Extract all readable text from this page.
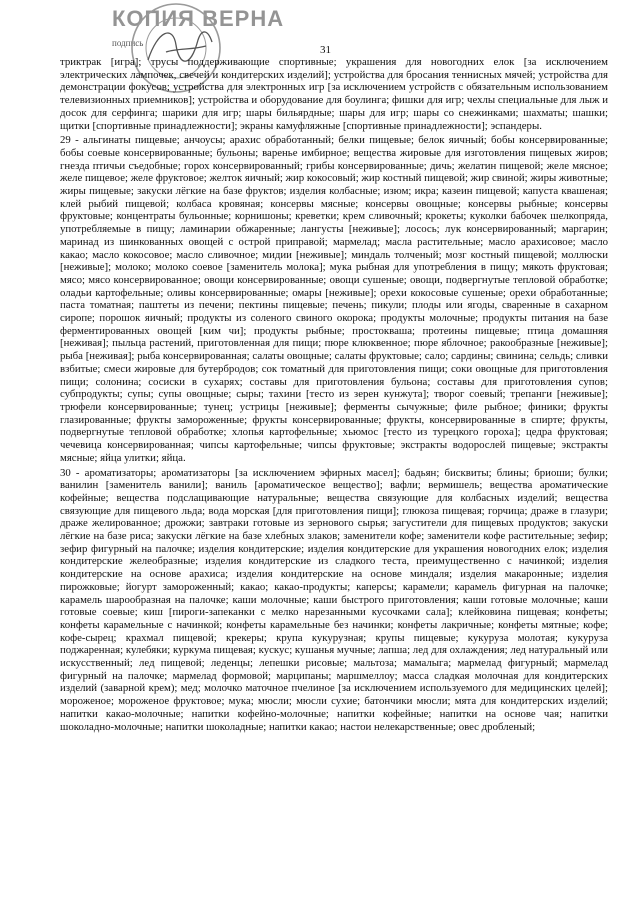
КОПИЯ ВЕРНА
подпись
31

триктрак [игра]; трусы поддерживающие спортивные; украшения для новогодних елок [за исключением электрических лампочек, свечей и кондитерских изделий]; устройства для бросания теннисных мячей; устройства для демонстрации фокусов; устройства для электронных игр [за исключением устройств с обязательным использованием телевизионных приемников]; устройства и оборудование для боулинга; фишки для игр; чехлы специальные для лыж и досок для серфинга; шарики для игр; шары бильярдные; шары для игр; шары со снежинками; шахматы; шашки; щитки [спортивные принадлежности]; экраны камуфляжные [спортивные принадлежности]; эспандеры.

29 - альгинаты пищевые; анчоусы; арахис обработанный; белки пищевые; белок яичный; бобы консервированные; бобы соевые консервированные; бульоны; варенье имбирное; вещества жировые для изготовления пищевых жиров; гнезда птичьи съедобные; горох консервированный; грибы консервированные; дичь; желатин пищевой; желе мясное; желе пищевое; желе фруктовое; желток яичный; жир кокосовый; жир костный пищевой; жир свиной; жиры животные; жиры пищевые; закуски лёгкие на базе фруктов; изделия колбасные; изюм; икра; казеин пищевой; капуста квашеная; клей рыбий пищевой; колбаса кровяная; консервы мясные; консервы овощные; консервы рыбные; консервы фруктовые; концентраты бульонные; корнишоны; креветки; крем сливочный; крокеты; куколки бабочек шелкопряда, употребляемые в пищу; ламинарии обжаренные; лангусты [неживые]; лосось; лук консервированный; маргарин; маринад из шинкованных овощей с острой приправой; мармелад; масла растительные; масло арахисовое; масло какао; масло кокосовое; масло сливочное; мидии [неживые]; миндаль толченый; мозг костный пищевой; моллюски [неживые]; молоко; молоко соевое [заменитель молока]; мука рыбная для употребления в пищу; мякоть фруктовая; мясо; мясо консервированное; овощи консервированные; овощи сушеные; овощи, подвергнутые тепловой обработке; оладьи картофельные; оливы консервированные; омары [неживые]; орехи кокосовые сушеные; орехи обработанные; паста томатная; паштеты из печени; пектины пищевые; печень; пикули; плоды или ягоды, сваренные в сахарном сиропе; порошок яичный; продукты из соленого свиного окорока; продукты молочные; продукты питания на базе ферментированных овощей [ким чи]; продукты рыбные; простокваша; протеины пищевые; птица домашняя [неживая]; пыльца растений, приготовленная для пищи; пюре клюквенное; пюре яблочное; ракообразные [неживые]; рыба [неживая]; рыба консервированная; салаты овощные; салаты фруктовые; сало; сардины; свинина; сельдь; сливки взбитые; смеси жировые для бутербродов; сок томатный для приготовления пищи; соки овощные для приготовления пищи; солонина; сосиски в сухарях; составы для приготовления бульона; составы для приготовления супов; субпродукты; супы; супы овощные; сыры; тахини [тесто из зерен кунжута]; творог соевый; трепанги [неживые]; трюфели консервированные; тунец; устрицы [неживые]; ферменты сычужные; филе рыбное; финики; фрукты глазированные; фрукты замороженные; фрукты консервированные; фрукты, консервированные в спирте; фрукты, подвергнутые тепловой обработке; хлопья картофельные; хьюмос [тесто из турецкого гороха]; цедра фруктовая; чечевица консервированная; чипсы картофельные; чипсы фруктовые; экстракты водорослей пищевые; экстракты мясные; яйца улитки; яйца.

30 - ароматизаторы; ароматизаторы [за исключением эфирных масел]; бадьян; бисквиты; блины; бриоши; булки; ванилин [заменитель ванили]; ваниль [ароматическое вещество]; вафли; вермишель; вещества ароматические кофейные; вещества подслащивающие натуральные; вещества связующие для колбасных изделий; вещества связующие для пищевого льда; вода морская [для приготовления пищи]; глюкоза пищевая; горчица; драже в глазури; драже желированное; дрожжи; завтраки готовые из зернового сырья; загустители для пищевых продуктов; закуски лёгкие на базе риса; закуски лёгкие на базе хлебных злаков; заменители кофе; заменители кофе растительные; зефир; зефир фигурный на палочке; изделия кондитерские; изделия кондитерские для украшения новогодних елок; изделия кондитерские желеобразные; изделия кондитерские из сладкого теста, преимущественно с начинкой; изделия кондитерские на основе арахиса; изделия кондитерские на основе миндаля; изделия макаронные; изделия пирожковые; йогурт замороженный; какао; какао-продукты; каперсы; карамели; карамель фигурная на палочке; карамель шарообразная на палочке; каши молочные; каши быстрого приготовления; каши готовые молочные; каши готовые соевые; киш [пироги-запеканки с мелко нарезанными кусочками сала]; клейковина пищевая; конфеты; конфеты карамельные с начинкой; конфеты карамельные без начинки; конфеты лакричные; конфеты мятные; кофе; кофе-сырец; крахмал пищевой; крекеры; крупа кукурузная; крупы пищевые; кукуруза молотая; кукуруза поджаренная; кулебяки; куркума пищевая; кускус; кушанья мучные; лапша; лед для охлаждения; лед натуральный или искусственный; лед пищевой; леденцы; лепешки рисовые; мальтоза; мамалыга; мармелад фигурный; мармелад фигурный на палочке; мармелад формовой; марципаны; маршмеллоу; масса сладкая молочная для кондитерских изделий (заварной крем); мед; молочко маточное пчелиное [за исключением используемого для медицинских целей]; мороженое; мороженое фруктовое; мука; мюсли; мюсли сухие; батончики мюсли; мята для кондитерских изделий; напитки какао-молочные; напитки кофейно-молочные; напитки кофейные; напитки на основе чая; напитки шоколадно-молочные; напитки шоколадные; напитки какао; настои нелекарственные; овес дробленый;
